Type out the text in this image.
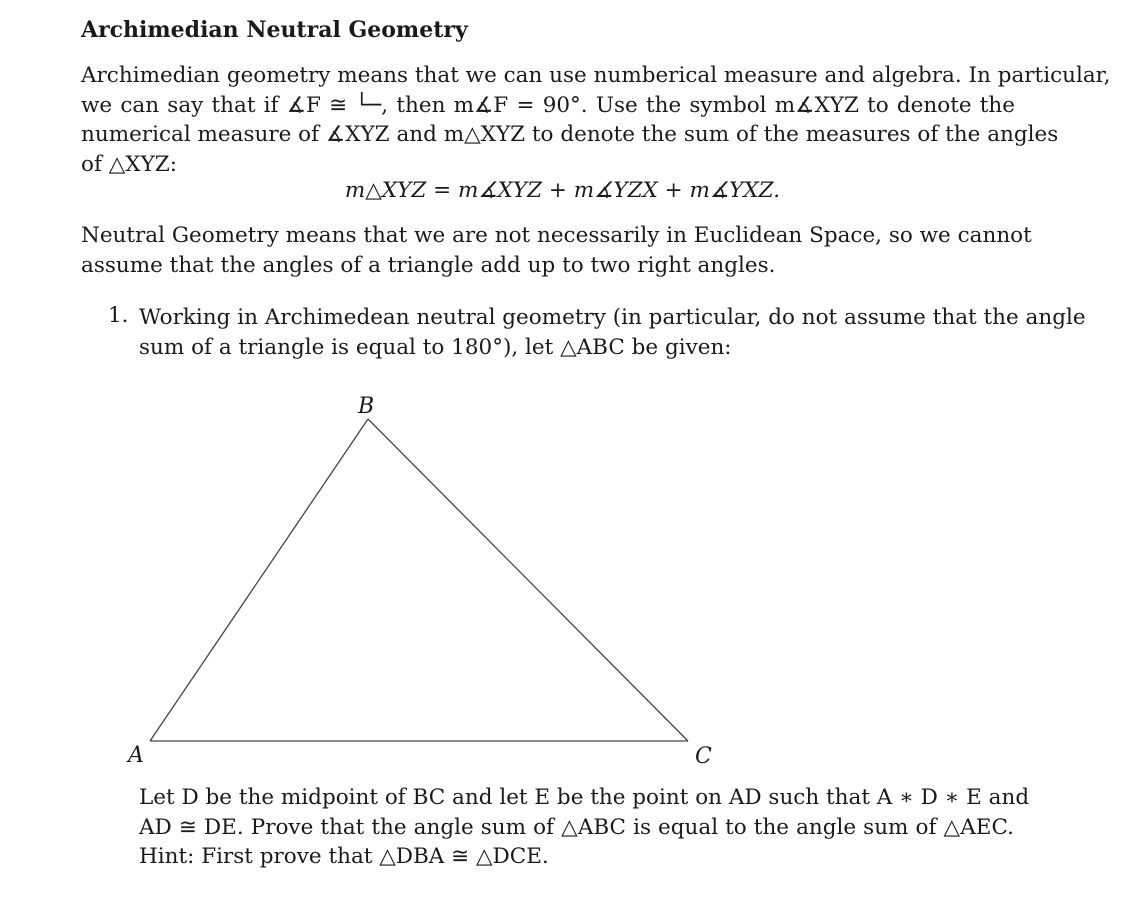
Archimedian Neutral Geometry
Archimedian geometry means that we can use numberical measure and algebra. In particular,
we can say that if ∡F ≅ └─, then m∡F = 90°. Use the symbol m∡XYZ to denote the
numerical measure of ∡XYZ and m△XYZ to denote the sum of the measures of the angles
of △XYZ:

m△XYZ = m∡XYZ + m∡YZX + m∡YXZ.

Neutral Geometry means that we are not necessarily in Euclidean Space, so we cannot
assume that the angles of a triangle add up to two right angles.

1. Working in Archimedean neutral geometry (in particular, do not assume that the angle
sum of a triangle is equal to 180°), let △ABC be given:
B
A	C
Let D be the midpoint of BC and let E be the point on AD such that A ∗ D ∗ E and
AD ≅ DE. Prove that the angle sum of △ABC is equal to the angle sum of △AEC.
Hint: First prove that △DBA ≅ △DCE.
